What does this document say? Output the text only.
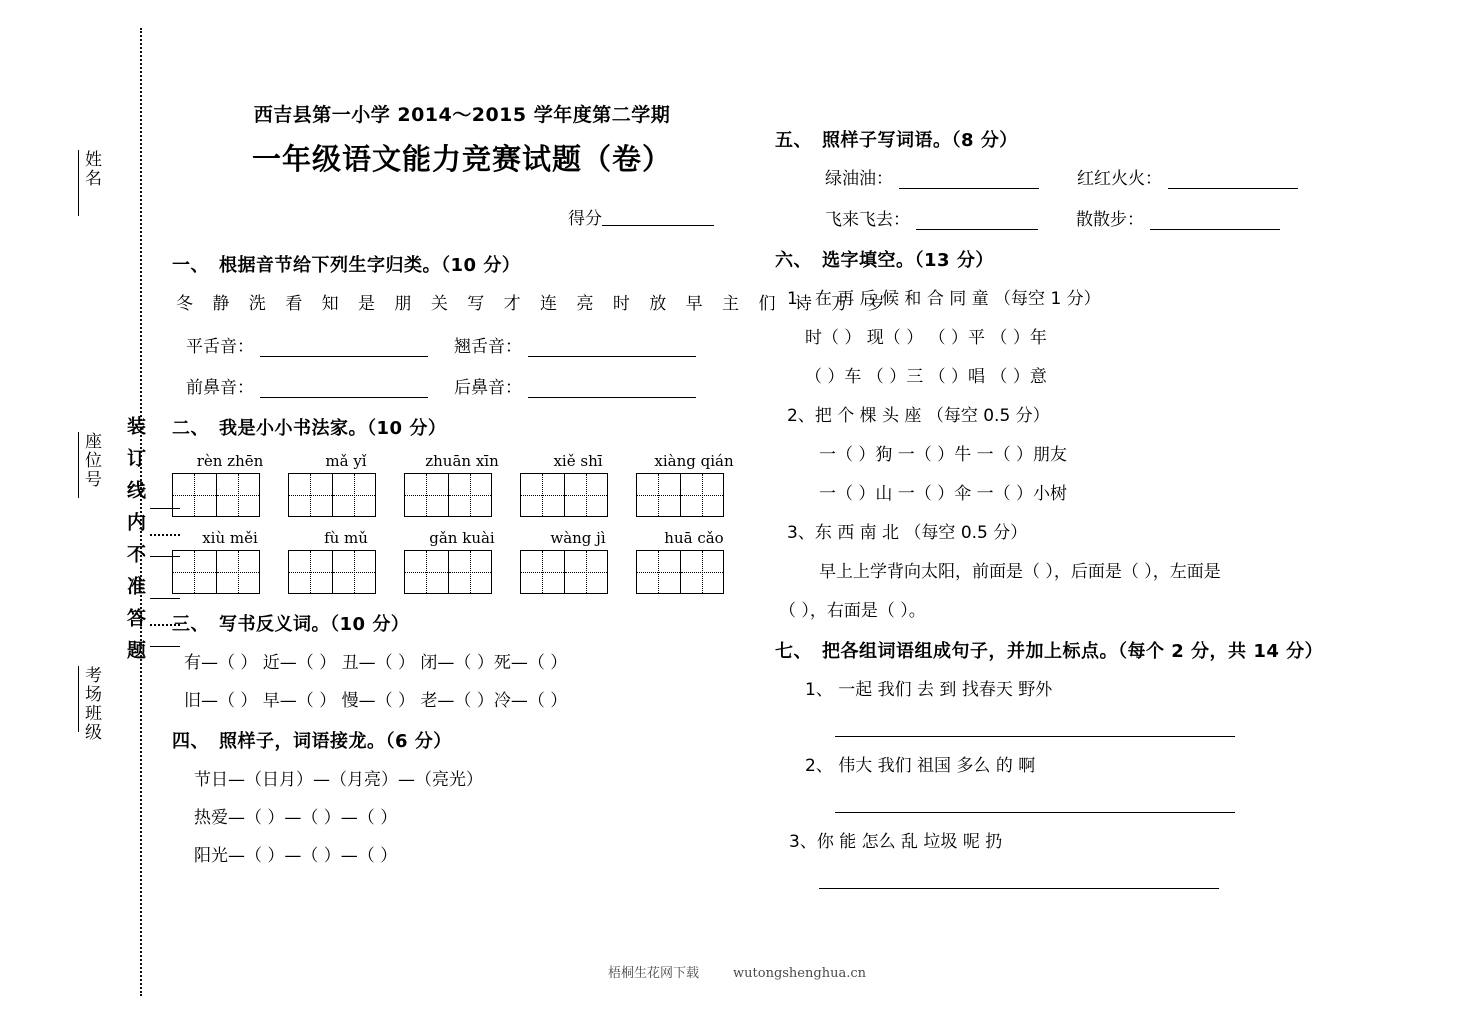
姓名
座位号
考场班级
装订线内不准答题
西吉县第一小学 2014～2015 学年度第二学期
一年级语文能力竞赛试题（卷）
得分
一、 根据音节给下列生字归类。（10 分）
冬 静 洗 看 知 是 朋 关 写 才 连 亮 时 放 早 主 们 诗 万 岁
平舌音：	翘舌音：
前鼻音：	后鼻音：
二、 我是小小书法家。（10 分）
rèn zhēn	mǎ yǐ	zhuān xīn	xiě shī	xiàng qián
xiù měi	fù mǔ	gǎn kuài	wàng jì	huā cǎo
三、 写书反义词。（10 分）
有—（ ） 近—（ ） 丑—（ ） 闭—（ ）死—（ ）
旧—（ ） 早—（ ） 慢—（ ） 老—（ ）冷—（ ）
四、 照样子，词语接龙。（6 分）
节日—（日月）—（月亮）—（亮光）
热爱—（ ）—（ ）—（ ）
阳光—（ ）—（ ）—（ ）
五、 照样子写词语。（8 分）
绿油油：	红红火火：
飞来飞去：	散散步：
六、 选字填空。（13 分）
1、在 再 后 候 和 合 同 童 （每空 1 分）
时（ ） 现（ ） （ ）平 （ ）年
（ ）车 （ ）三 （ ）唱 （ ）意
2、把 个 棵 头 座 （每空 0.5 分）
一（ ）狗 一（ ）牛 一（ ）朋友
一（ ）山 一（ ）伞 一（ ）小树
3、东 西 南 北 （每空 0.5 分）
早上上学背向太阳，前面是（ ），后面是（ ），左面是
（ ），右面是（ ）。
七、 把各组词语组成句子，并加上标点。（每个 2 分，共 14 分）
1、 一起 我们 去 到 找春天 野外
2、 伟大 我们 祖国 多么 的 啊
3、你 能 怎么 乱 垃圾 呢 扔
梧桐生花网下载	wutongshenghua.cn
